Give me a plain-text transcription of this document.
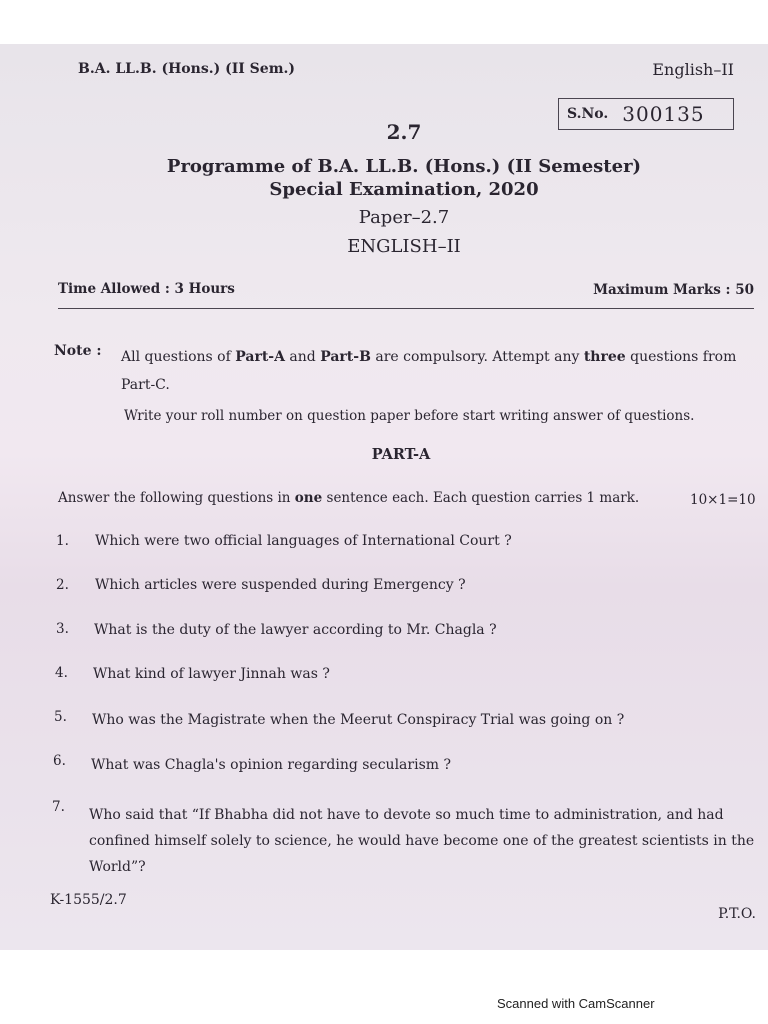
B.A. LL.B. (Hons.) (II Sem.)	English–II
S.No. 300135
2.7
Programme of B.A. LL.B. (Hons.) (II Semester)
Special Examination, 2020
Paper–2.7
ENGLISH–II
Time Allowed : 3 Hours	Maximum Marks : 50
Note : All questions of Part-A and Part-B are compulsory. Attempt any three questions from
Part-C.
Write your roll number on question paper before start writing answer of questions.
PART-A
Answer the following questions in one sentence each. Each question carries 1 mark.	10×1=10
1. Which were two official languages of International Court ?
2. Which articles were suspended during Emergency ?
3. What is the duty of the lawyer according to Mr. Chagla ?
4. What kind of lawyer Jinnah was ?
5. Who was the Magistrate when the Meerut Conspiracy Trial was going on ?
6. What was Chagla's opinion regarding secularism ?
7. Who said that “If Bhabha did not have to devote so much time to administration, and had confined himself solely to science, he would have become one of the greatest scientists in the World”?
K-1555/2.7
P.T.O.
Scanned with CamScanner
